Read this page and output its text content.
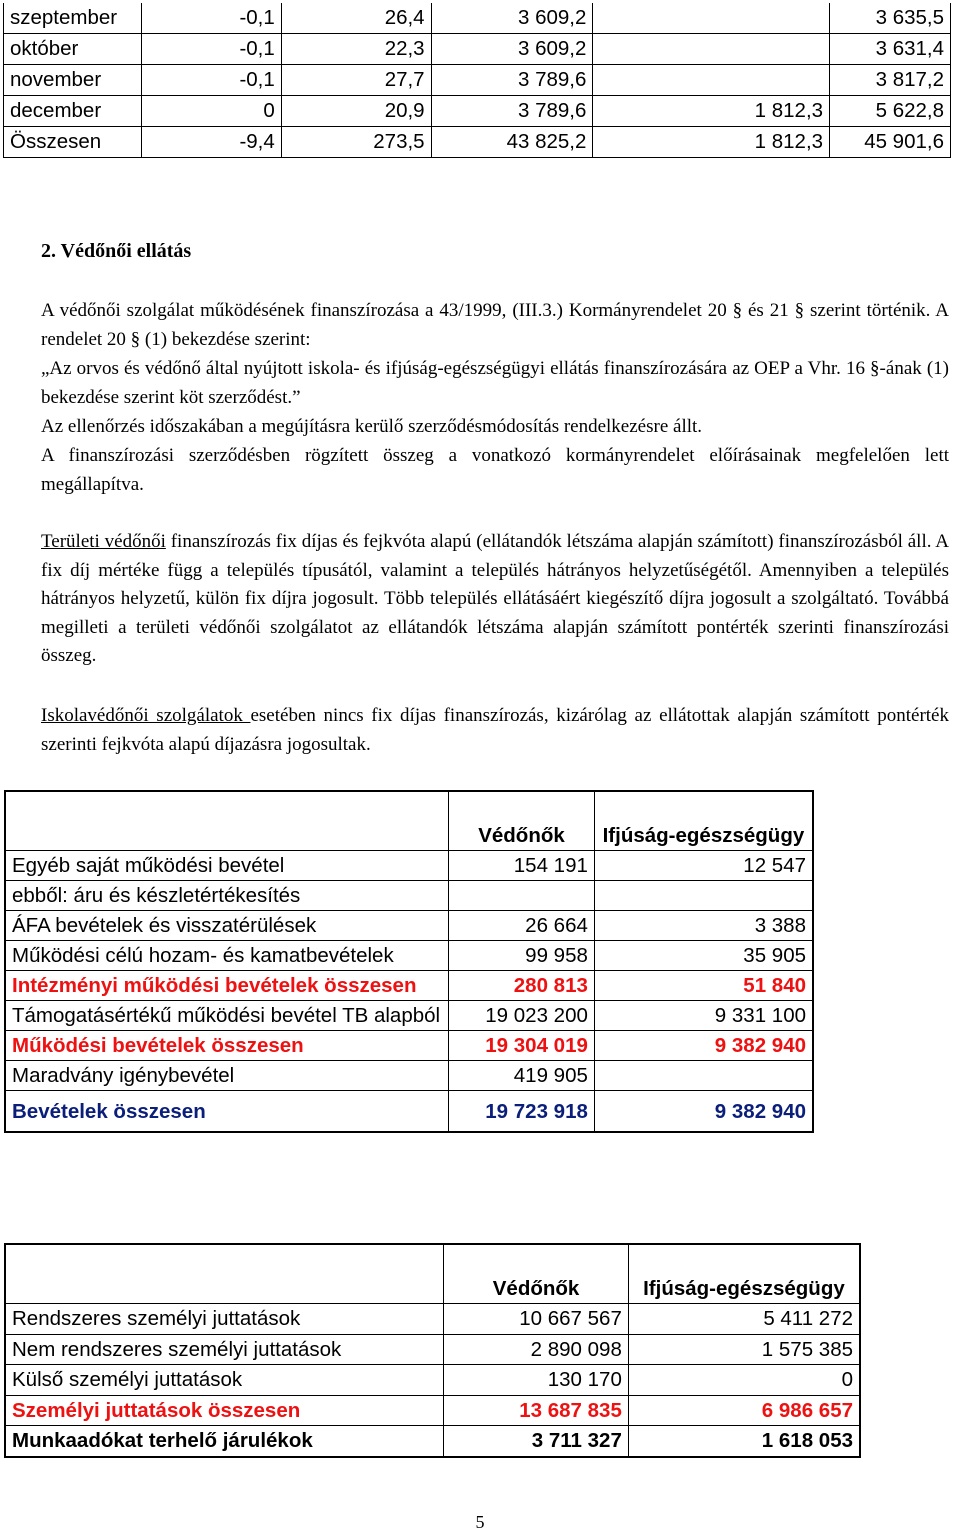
szeptember	-0,1	26,4	3 609,2		3 635,5
október	-0,1	22,3	3 609,2		3 631,4
november	-0,1	27,7	3 789,6		3 817,2
december	0	20,9	3 789,6	1 812,3	5 622,8
Összesen	-9,4	273,5	43 825,2	1 812,3	45 901,6
2. Védőnői ellátás
A védőnői szolgálat működésének finanszírozása a 43/1999, (III.3.) Kormányrendelet 20 § és 21 § szerint történik. A rendelet 20 § (1) bekezdése szerint:
„Az orvos és védőnő által nyújtott iskola- és ifjúság-egészségügyi ellátás finanszírozására az OEP a Vhr. 16 §-ának (1) bekezdése szerint köt szerződést.”
Az ellenőrzés időszakában a megújításra kerülő szerződésmódosítás rendelkezésre állt.
A finanszírozási szerződésben rögzített összeg a vonatkozó kormányrendelet előírásainak megfelelően lett megállapítva.
Területi védőnői finanszírozás fix díjas és fejkvóta alapú (ellátandók létszáma alapján számított) finanszírozásból áll. A fix díj mértéke függ a település típusától, valamint a település hátrányos helyzetűségétől. Amennyiben a település hátrányos helyzetű, külön fix díjra jogosult. Több település ellátásáért kiegészítő díjra jogosult a szolgáltató. Továbbá megilleti a területi védőnői szolgálatot az ellátandók létszáma alapján számított pontérték szerinti finanszírozási összeg.
Iskolavédőnői szolgálatok esetében nincs fix díjas finanszírozás, kizárólag az ellátottak alapján számított pontérték szerinti fejkvóta alapú díjazásra jogosultak.
	Védőnők	Ifjúság-egészségügy
Egyéb saját működési bevétel	154 191	12 547
ebből: áru és készletértékesítés		
ÁFA bevételek és visszatérülések	26 664	3 388
Működési célú hozam- és kamatbevételek	99 958	35 905
Intézményi működési bevételek összesen	280 813	51 840
Támogatásértékű működési bevétel TB alapból	19 023 200	9 331 100
Működési bevételek összesen	19 304 019	9 382 940
Maradvány igénybevétel	419 905	
Bevételek összesen	19 723 918	9 382 940
	Védőnők	Ifjúság-egészségügy
Rendszeres személyi juttatások	10 667 567	5 411 272
Nem rendszeres személyi juttatások	2 890 098	1 575 385
Külső személyi juttatások	130 170	0
Személyi juttatások összesen	13 687 835	6 986 657
Munkaadókat terhelő járulékok	3 711 327	1 618 053
5
